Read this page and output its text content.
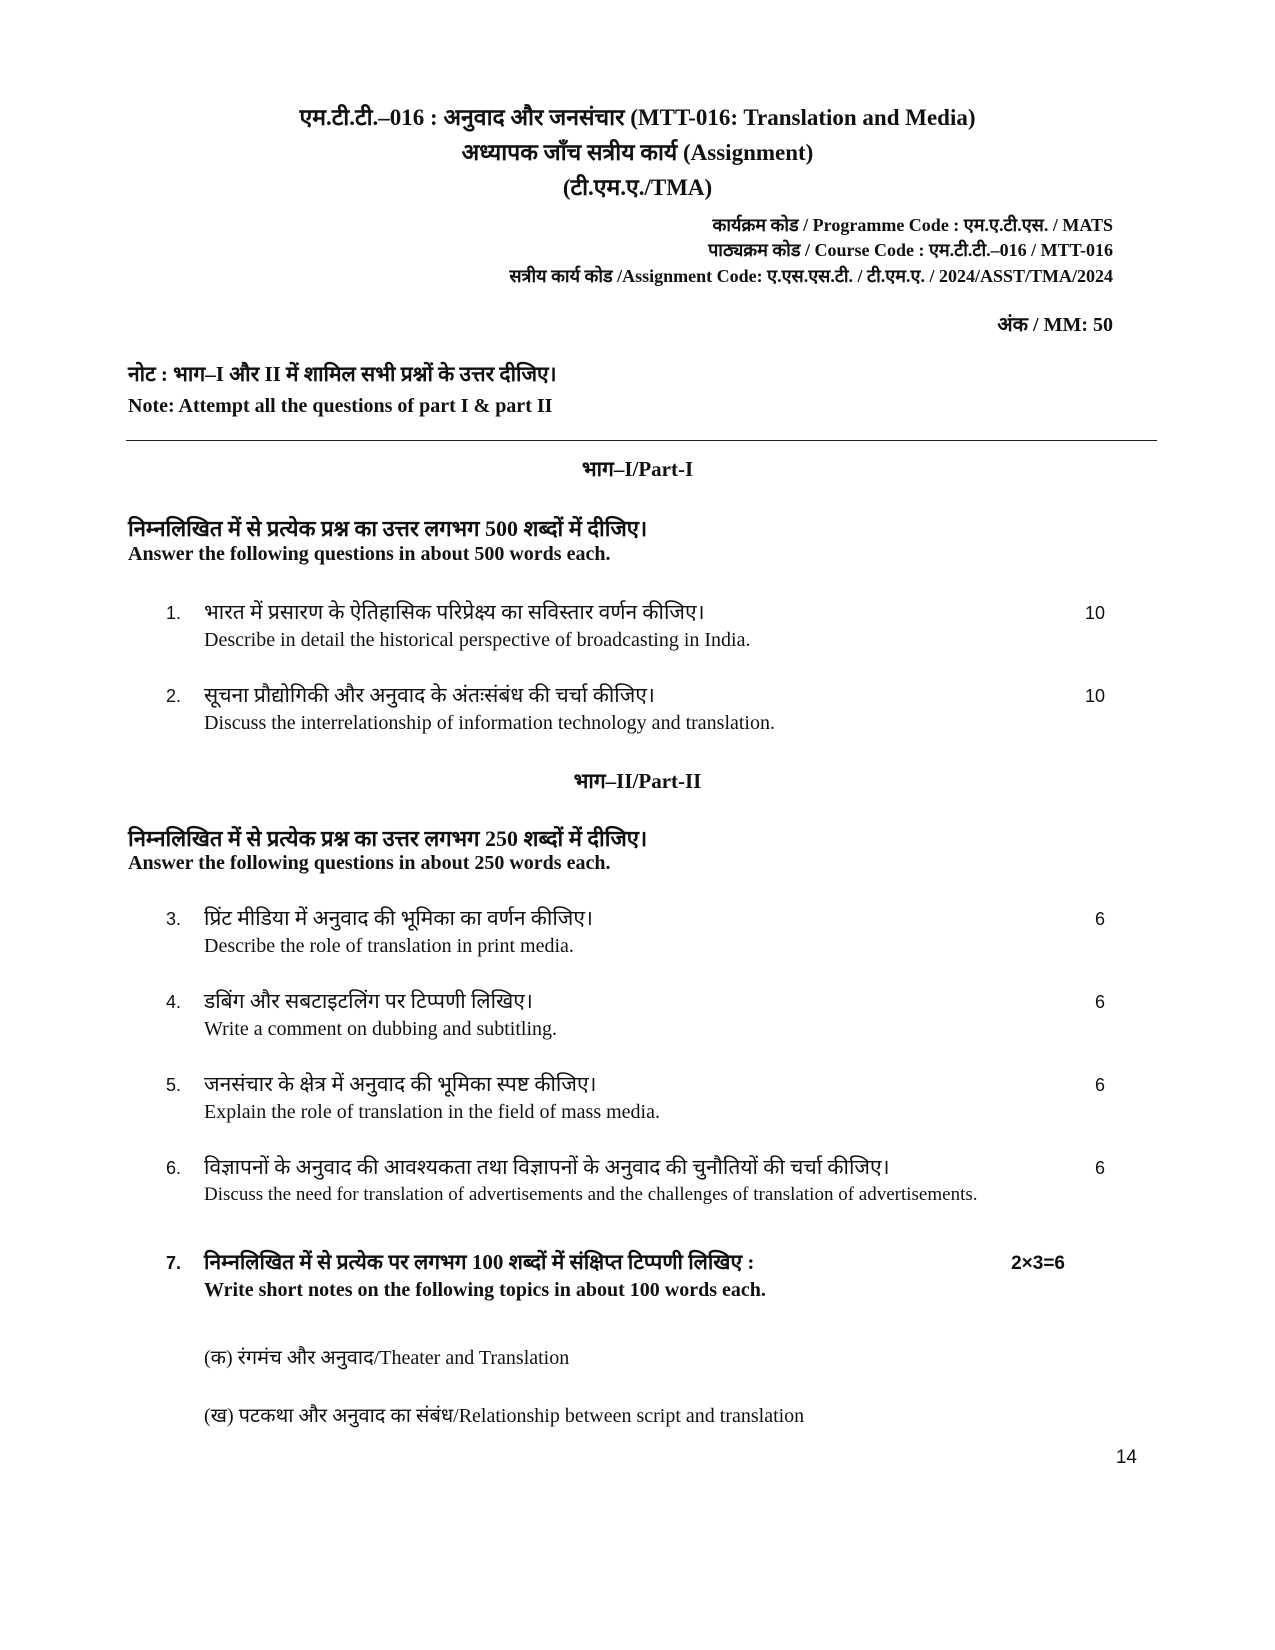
एम.टी.टी.–016 : अनुवाद और जनसंचार (MTT-016: Translation and Media)
अध्यापक जाँच सत्रीय कार्य (Assignment)
(टी.एम.ए./TMA)
कार्यक्रम कोड / Programme Code : एम.ए.टी.एस. / MATS
पाठ्यक्रम कोड / Course Code : एम.टी.टी.–016 / MTT-016
सत्रीय कार्य कोड /Assignment Code: ए.एस.एस.टी. / टी.एम.ए. / 2024/ASST/TMA/2024
अंक / MM: 50
नोट : भाग–I और II में शामिल सभी प्रश्नों के उत्तर दीजिए।
Note: Attempt all the questions of part I & part II
भाग–I/Part-I
निम्नलिखित में से प्रत्येक प्रश्न का उत्तर लगभग 500 शब्दों में दीजिए।
Answer the following questions in about 500 words each.
1. भारत में प्रसारण के ऐतिहासिक परिप्रेक्ष्य का सविस्तार वर्णन कीजिए।
Describe in detail the historical perspective of broadcasting in India.
10
2. सूचना प्रौद्योगिकी और अनुवाद के अंतःसंबंध की चर्चा कीजिए।
Discuss the interrelationship of information technology and translation.
10
भाग–II/Part-II
निम्नलिखित में से प्रत्येक प्रश्न का उत्तर लगभग 250 शब्दों में दीजिए।
Answer the following questions in about 250 words each.
3. प्रिंट मीडिया में अनुवाद की भूमिका का वर्णन कीजिए।
Describe the role of translation in print media.
6
4. डबिंग और सबटाइटलिंग पर टिप्पणी लिखिए।
Write a comment on dubbing and subtitling.
6
5. जनसंचार के क्षेत्र में अनुवाद की भूमिका स्पष्ट कीजिए।
Explain the role of translation in the field of mass media.
6
6. विज्ञापनों के अनुवाद की आवश्यकता तथा विज्ञापनों के अनुवाद की चुनौतियों की चर्चा कीजिए।
Discuss the need for translation of advertisements and the challenges of translation of advertisements.
6
7. निम्नलिखित में से प्रत्येक पर लगभग 100 शब्दों में संक्षिप्त टिप्पणी लिखिए :
Write short notes on the following topics in about 100 words each.
2×3=6
(क) रंगमंच और अनुवाद/Theater and Translation
(ख) पटकथा और अनुवाद का संबंध/Relationship between script and translation
14
